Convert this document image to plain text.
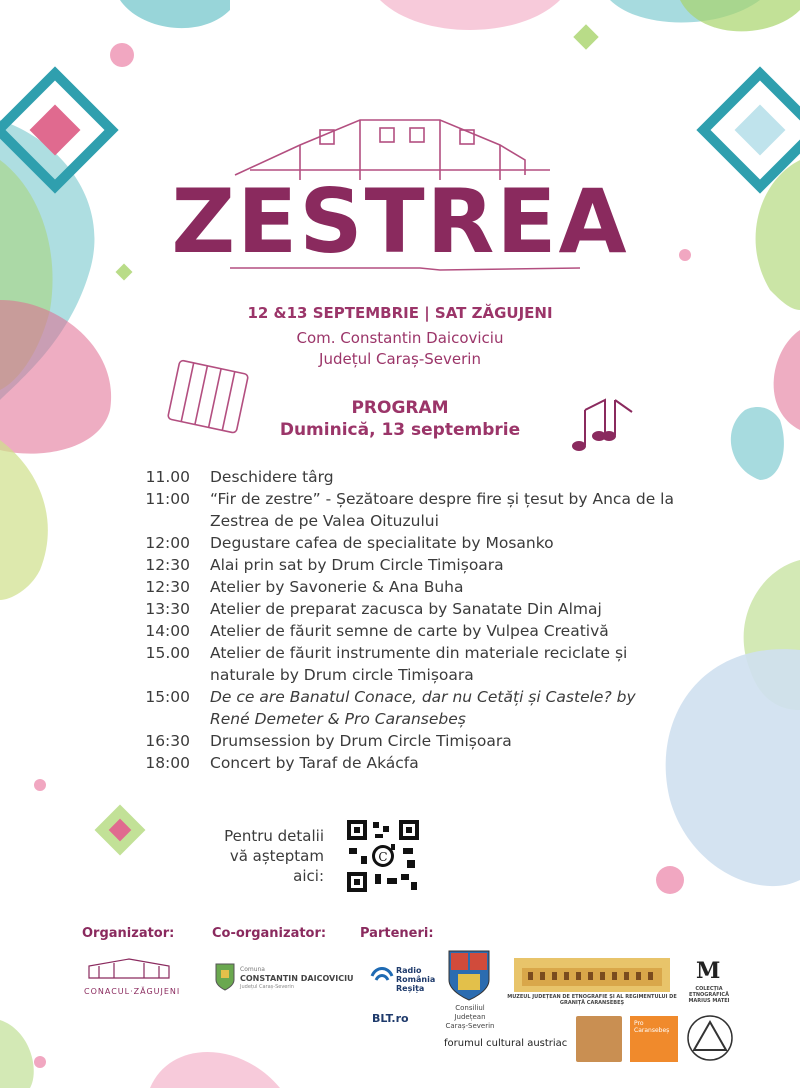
ZESTREA
12 &13 SEPTEMBRIE | SAT ZĂGUJENI
Com. Constantin Daicoviciu
Județul Caraș-Severin
PROGRAM
Duminică, 13 septembrie
11.00	Deschidere târg
11:00	“Fir de zestre” - Șezătoare despre fire și țesut by Anca de la Zestrea de pe Valea Oituzului
12:00	Degustare cafea de specialitate by Mosanko
12:30	Alai prin sat by Drum Circle Timișoara
12:30	Atelier by Savonerie & Ana Buha
13:30	Atelier de preparat zacusca by Sanatate Din Almaj
14:00	Atelier de făurit semne de carte by Vulpea Creativă
15.00	Atelier de făurit instrumente din materiale reciclate și naturale by Drum circle Timișoara
15:00	De ce are Banatul Conace, dar nu Cetăți și Castele? by René Demeter & Pro Caransebeș
16:30	Drumsession by Drum Circle Timișoara
18:00	Concert by Taraf de Akácfa
Pentru detalii
vă așteptam
aici:
C
Organizator:	Co-organizator:	Parteneri:
CONACUL·ZĂGUJENI
Comuna
CONSTANTIN DAICOVICIU
Județul Caraș-Severin
Radio România Reșița
Consiliul Județean
Caraș-Severin
MUZEUL JUDEȚEAN DE ETNOGRAFIE ȘI AL REGIMENTULUI DE GRANIȚĂ CARANSEBEȘ
M
COLECȚIA ETNOGRAFICĂ MARIUS MATEI
BLT.ro
forumul cultural austriac
Pro Caransebeș
